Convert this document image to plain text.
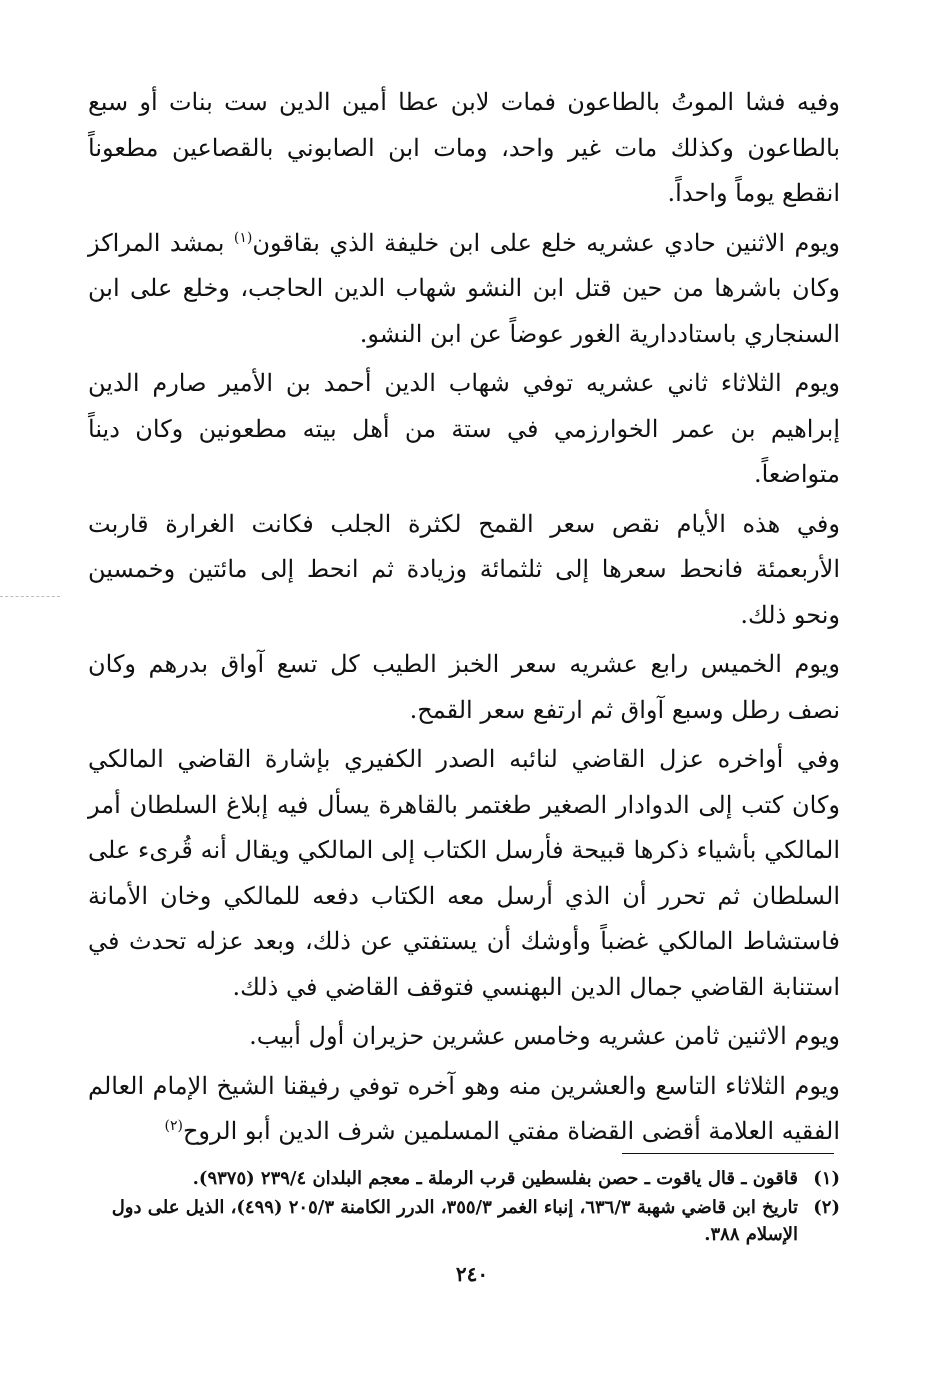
وفيه فشا الموتُ بالطاعون فمات لابن عطا أمين الدين ست بنات أو سبع بالطاعون وكذلك مات غير واحد، ومات ابن الصابوني بالقصاعين مطعوناً انقطع يوماً واحداً.

ويوم الاثنين حادي عشريه خلع على ابن خليفة الذي بقاقون$^{(١)}$ بمشد المراكز وكان باشرها من حين قتل ابن النشو شهاب الدين الحاجب، وخلع على ابن السنجاري باستاددارية الغور عوضاً عن ابن النشو.

ويوم الثلاثاء ثاني عشريه توفي شهاب الدين أحمد بن الأمير صارم الدين إبراهيم بن عمر الخوارزمي في ستة من أهل بيته مطعونين وكان ديناً متواضعاً.

وفي هذه الأيام نقص سعر القمح لكثرة الجلب فكانت الغرارة قاربت الأربعمئة فانحط سعرها إلى ثلثمائة وزيادة ثم انحط إلى مائتين وخمسين ونحو ذلك.

ويوم الخميس رابع عشريه سعر الخبز الطيب كل تسع آواق بدرهم وكان نصف رطل وسبع آواق ثم ارتفع سعر القمح.

وفي أواخره عزل القاضي لنائبه الصدر الكفيري بإشارة القاضي المالكي وكان كتب إلى الدوادار الصغير طغتمر بالقاهرة يسأل فيه إبلاغ السلطان أمر المالكي بأشياء ذكرها قبيحة فأرسل الكتاب إلى المالكي ويقال أنه قُرىء على السلطان ثم تحرر أن الذي أرسل معه الكتاب دفعه للمالكي وخان الأمانة فاستشاط المالكي غضباً وأوشك أن يستفتي عن ذلك، وبعد عزله تحدث في استنابة القاضي جمال الدين البهنسي فتوقف القاضي في ذلك.

ويوم الاثنين ثامن عشريه وخامس عشرين حزيران أول أبيب.

ويوم الثلاثاء التاسع والعشرين منه وهو آخره توفي رفيقنا الشيخ الإمام العالم الفقيه العلامة أقضى القضاة مفتي المسلمين شرف الدين أبو الروح$^{(٢)}$

(١)
قاقون ـ قال ياقوت ـ حصن بفلسطين قرب الرملة ـ معجم البلدان ٢٣٩/٤ (٩٣٧٥).
(٢)
تاريخ ابن قاضي شهبة ٦٣٦/٣، إنباء الغمر ٣٥٥/٣، الدرر الكامنة ٢٠٥/٣ (٤٩٩)، الذيل على دول الإسلام ٣٨٨.
٢٤٠
